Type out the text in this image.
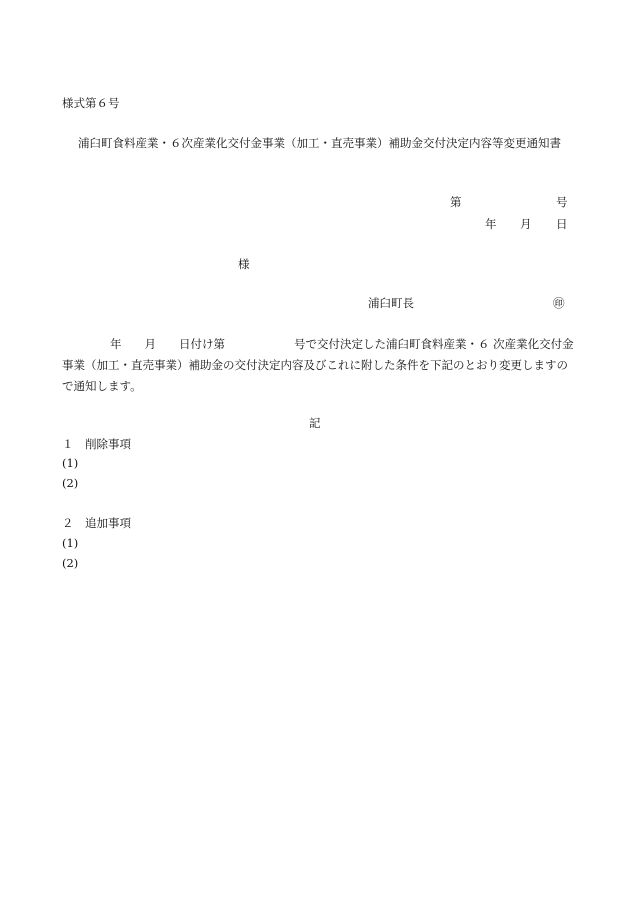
様式第６号
浦臼町食料産業・６次産業化交付金事業（加工・直売事業）補助金交付決定内容等変更通知書
第	号
年 月 日
様
浦臼町長	㊞
年　　月　　日付け第　　　　　　号で交付決定した浦臼町食料産業・６ 次産業化交付金
事業（加工・直売事業）補助金の交付決定内容及びこれに附した条件を下記のとおり変更しますの
で通知します。
記
１　削除事項
(1)
(2)
２　追加事項
(1)
(2)
